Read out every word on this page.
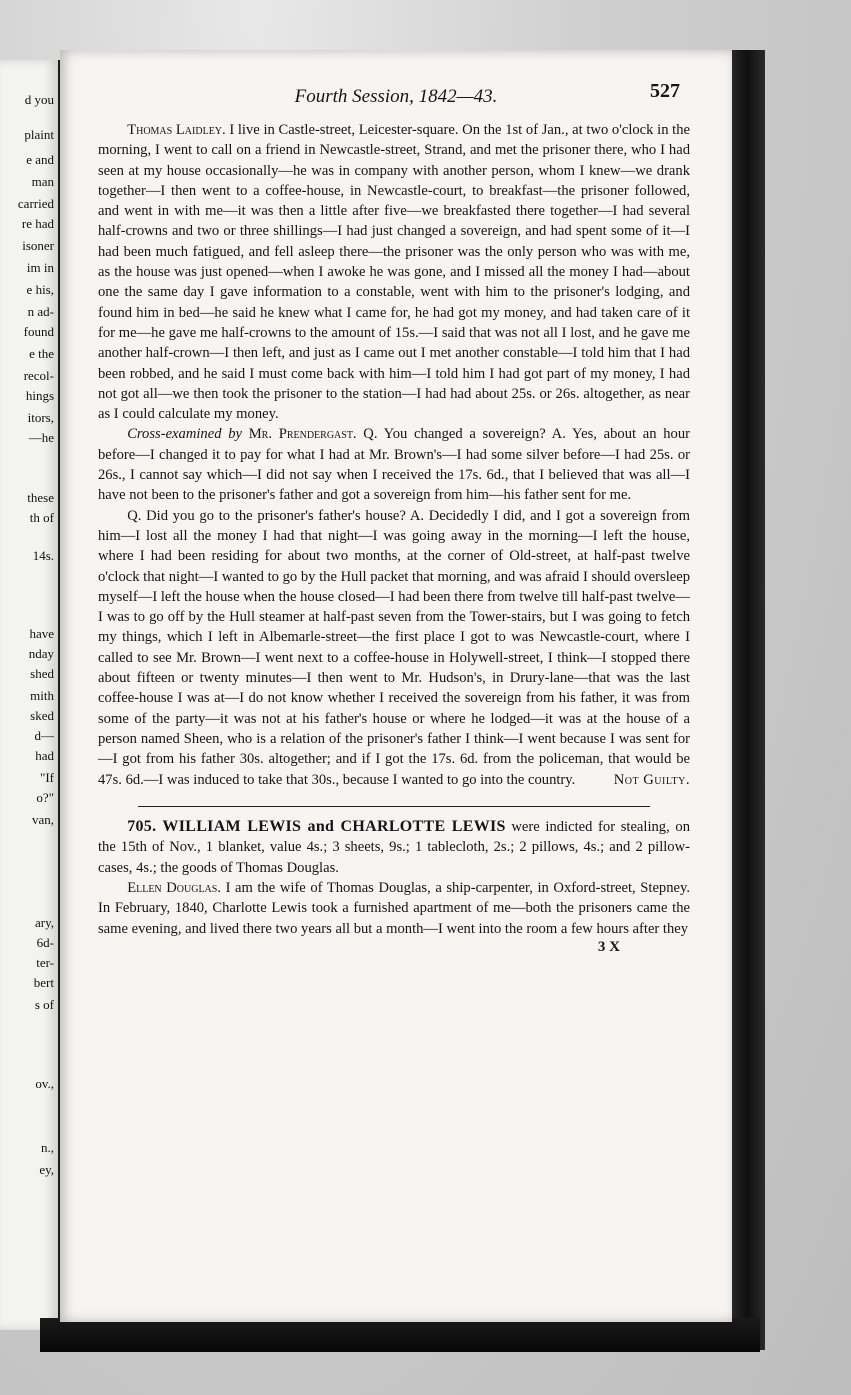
d you
plaint
e and
man
carried
re had
isoner
im in
e his,
n ad-
found
e the
recol-
hings
itors,
—he
these
th of
14s.
have
nday
shed
mith
sked
d—
had
"If
o?"
van,
ary,
6d-
ter-
bert
s of
ov.,
n.,
ey,
Fourth Session, 1842—43.	527

Thomas Laidley. I live in Castle-street, Leicester-square. On the 1st of Jan., at two o'clock in the morning, I went to call on a friend in Newcastle-street, Strand, and met the prisoner there, who I had seen at my house occasionally—he was in company with another person, whom I knew—we drank together—I then went to a coffee-house, in Newcastle-court, to breakfast—the prisoner followed, and went in with me—it was then a little after five—we breakfasted there together—I had several half-crowns and two or three shillings—I had just changed a sovereign, and had spent some of it—I had been much fatigued, and fell asleep there—the prisoner was the only person who was with me, as the house was just opened—when I awoke he was gone, and I missed all the money I had—about one the same day I gave information to a constable, went with him to the prisoner's lodging, and found him in bed—he said he knew what I came for, he had got my money, and had taken care of it for me—he gave me half-crowns to the amount of 15s.—I said that was not all I lost, and he gave me another half-crown—I then left, and just as I came out I met another constable—I told him that I had been robbed, and he said I must come back with him—I told him I had got part of my money, I had not got all—we then took the prisoner to the station—I had had about 25s. or 26s. altogether, as near as I could calculate my money.

Cross-examined by Mr. Prendergast. Q. You changed a sovereign? A. Yes, about an hour before—I changed it to pay for what I had at Mr. Brown's—I had some silver before—I had 25s. or 26s., I cannot say which—I did not say when I received the 17s. 6d., that I believed that was all—I have not been to the prisoner's father and got a sovereign from him—his father sent for me.

Q. Did you go to the prisoner's father's house? A. Decidedly I did, and I got a sovereign from him—I lost all the money I had that night—I was going away in the morning—I left the house, where I had been residing for about two months, at the corner of Old-street, at half-past twelve o'clock that night—I wanted to go by the Hull packet that morning, and was afraid I should oversleep myself—I left the house when the house closed—I had been there from twelve till half-past twelve—I was to go off by the Hull steamer at half-past seven from the Tower-stairs, but I was going to fetch my things, which I left in Albemarle-street—the first place I got to was Newcastle-court, where I called to see Mr. Brown—I went next to a coffee-house in Holywell-street, I think—I stopped there about fifteen or twenty minutes—I then went to Mr. Hudson's, in Drury-lane—that was the last coffee-house I was at—I do not know whether I received the sovereign from his father, it was from some of the party—it was not at his father's house or where he lodged—it was at the house of a person named Sheen, who is a relation of the prisoner's father I think—I went because I was sent for—I got from his father 30s. altogether; and if I got the 17s. 6d. from the policeman, that would be 47s. 6d.—I was induced to take that 30s., because I wanted to go into the country.	Not Guilty.

705. WILLIAM LEWIS and CHARLOTTE LEWIS were indicted for stealing, on the 15th of Nov., 1 blanket, value 4s.; 3 sheets, 9s.; 1 tablecloth, 2s.; 2 pillows, 4s.; and 2 pillow-cases, 4s.; the goods of Thomas Douglas.

Ellen Douglas. I am the wife of Thomas Douglas, a ship-carpenter, in Oxford-street, Stepney. In February, 1840, Charlotte Lewis took a furnished apartment of me—both the prisoners came the same evening, and lived there two years all but a month—I went into the room a few hours after they

3 X
